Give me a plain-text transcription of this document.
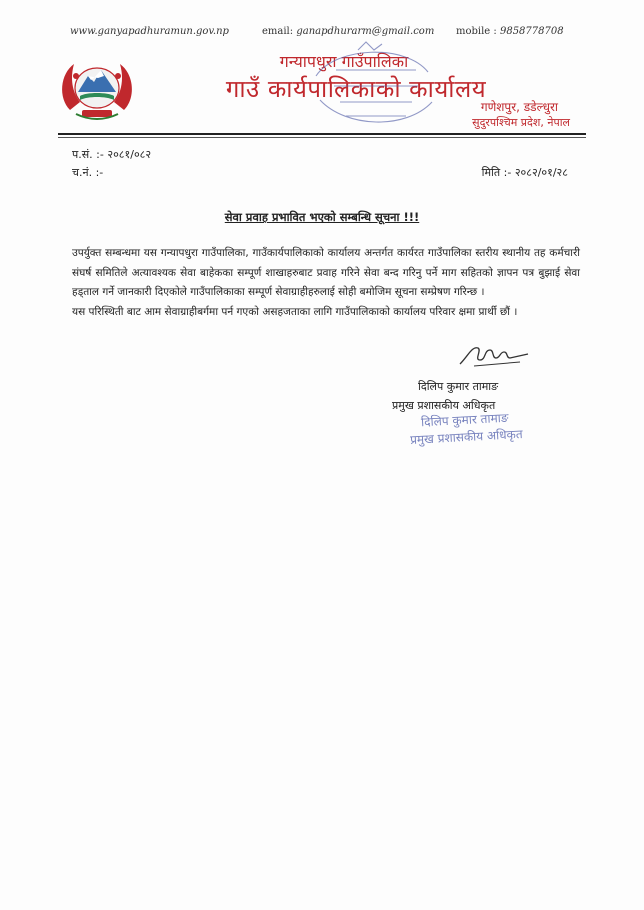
www.ganyapadhuramun.gov.np	email: ganapdhurarm@gmail.com mobile : 9858778708
गन्यापधुरा गाउँपालिका
गाउँ कार्यपालिकाको कार्यालय
गणेशपुर, डडेल्धुरा
सुदुरपश्चिम प्रदेश, नेपाल
प.सं. :- २०८१/०८२
च.नं. :-	मिति :- २०८२/०१/२८
सेवा प्रवाह प्रभावित भएको सम्बन्धि सूचना !!!

उपर्युक्त सम्बन्धमा यस गन्यापधुरा गाउँपालिका, गाउँकार्यपालिकाको कार्यालय अन्तर्गत कार्यरत गाउँपालिका स्तरीय स्थानीय तह कर्मचारी संघर्ष समितिले अत्यावश्यक सेवा बाहेकका सम्पूर्ण शाखाहरुबाट प्रवाह गरिने सेवा बन्द गरिनु पर्ने माग सहितको ज्ञापन पत्र बुझाई सेवा हड्ताल गर्ने जानकारी दिएकोले गाउँपालिकाका सम्पूर्ण सेवाग्राहीहरुलाई सोही बमोजिम सूचना सम्प्रेषण गरिन्छ ।

यस परिस्थिती बाट आम सेवाग्राहीबर्गमा पर्न गएको असहजताका लागि गाउँपालिकाको कार्यालय परिवार क्षमा प्रार्थी छौं ।

दिलिप कुमार तामाङ
प्रमुख प्रशासकीय अधिकृत
दिलिप कुमार तामाङ
प्रमुख प्रशासकीय अधिकृत
